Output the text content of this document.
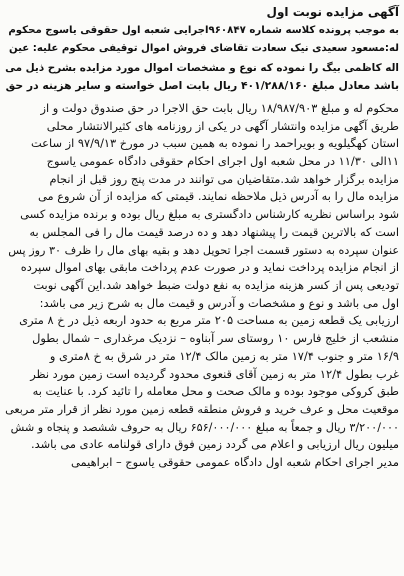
آگهی مزایده نوبت اول

به موجب پرونده کلاسه شماره ۹۶۰۸۴۷اجرایی شعبه اول حقوقی یاسوج محکوم

له:مسعود سعیدی نیک سعادت تقاضای فروش اموال توقیفی محکوم علیه: عین

اله کاظمی بیگ را نموده که نوع و مشخصات اموال مورد مزایده بشرح ذیل می

باشد معادل مبلغ ۴۰۱/۲۸۸/۱۶۰ ریال بابت اصل خواسته و سایر هزینه در حق

محکوم له و مبلغ ۱۸/۹۸۷/۹۰۳ ریال بابت حق الاجرا در حق صندوق دولت و از

طریق آگهی مزایده وانتشار آگهی در یکی از روزنامه های کثیرالانتشار محلی

استان کهگیلویه و بویراحمد را نموده به همین سبب در مورخ ۹۷/۹/۱۳ از ساعت

۱۱الی ۱۱/۳۰ در محل شعبه اول اجرای احکام حقوقی دادگاه عمومی یاسوج

مزایده برگزار خواهد شد.متقاضیان می توانند در مدت پنج روز قبل از انجام

مزایده مال را به آدرس ذیل ملاحظه نمایند. قیمتی که مزایده از آن شروع می

شود براساس نظریه کارشناس دادگستری به مبلغ ریال بوده و برنده مزایده کسی

است که بالاترین قیمت را پیشنهاد دهد و ده درصد قیمت مال را فی المجلس به

عنوان سپرده به دستور قسمت اجرا تحویل دهد و بقیه بهای مال را ظرف ۳۰ روز پس

از انجام مزایده پرداخت نماید و در صورت عدم پرداخت مابقی بهای اموال سپرده

تودیعی پس از کسر هزینه مزایده به نفع دولت ضبط خواهد شد.این آگهی نوبت

اول می باشد و نوع و مشخصات و آدرس و قیمت مال به شرح زیر می باشد:

ارزیابی یک قطعه زمین به مساحت ۲۰۵ متر مربع به حدود اربعه ذیل در خ ۸ متری

منشعب از خلیج فارس ۱۰ روستای سر آبناوه – نزدیک مرغداری – شمال بطول

۱۶/۹ متر و جنوب ۱۷/۴ متر به زمین مالک ۱۲/۴ متر در شرق به خ ۸متری و

غرب بطول ۱۲/۴ متر به زمین آقای قنعوی محدود گردیده است زمین مورد نظر

طبق کروکی موجود بوده و مالک صحت و محل معامله را تائید کرد. با عنایت به

موقعیت محل و عرف خرید و فروش منطقه قطعه زمین مورد نظر از قرار متر مربعی

۳/۲۰۰/۰۰۰ ریال و جمعاً به مبلغ ۶۵۶/۰۰۰/۰۰۰ ریال به حروف ششصد و پنجاه و شش

میلیون ریال ارزیابی و اعلام می گردد زمین فوق دارای قولنامه عادی می باشد.

مدیر اجرای احکام شعبه اول دادگاه عمومی حقوقی یاسوج – ابراهیمی
